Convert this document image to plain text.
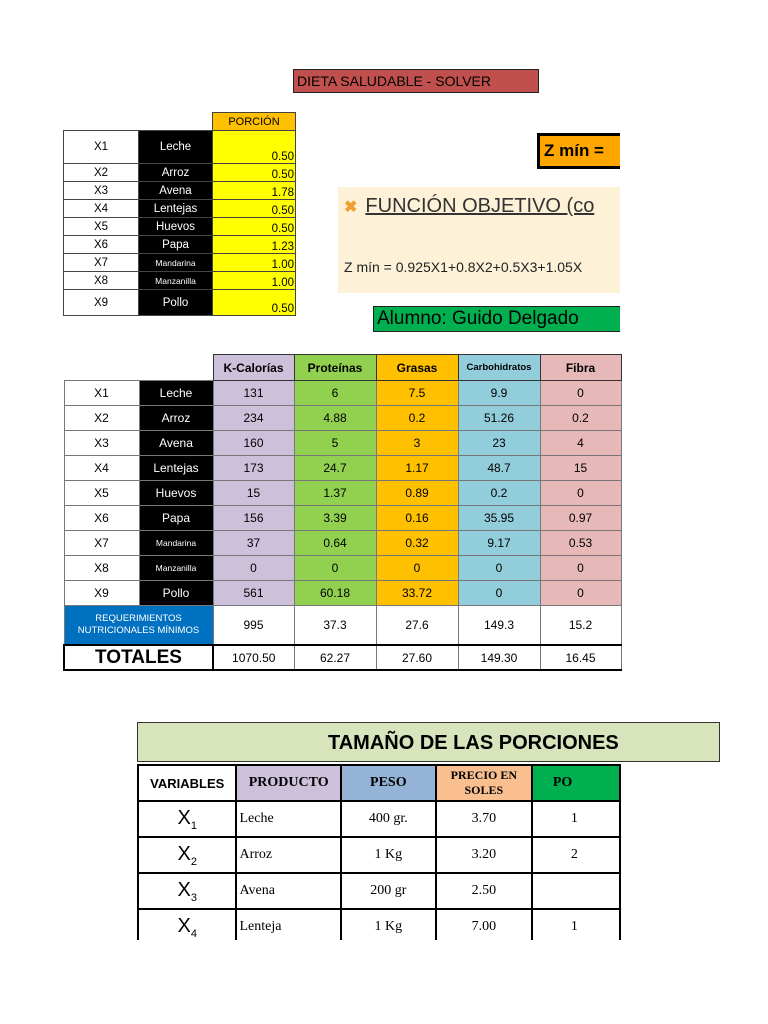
DIETA SALUDABLE - SOLVER
		PORCIÓN
X1	Leche	0.50
X2	Arroz	0.50
X3	Avena	1.78
X4	Lentejas	0.50
X5	Huevos	0.50
X6	Papa	1.23
X7	Mandarina	1.00
X8	Manzanilla	1.00
X9	Pollo	0.50
Z mín =
✖ FUNCIÓN OBJETIVO (co
Z mín = 0.925X1+0.8X2+0.5X3+1.05X
Alumno: Guido Delgado
		K-Calorías	Proteínas	Grasas	Carbohidratos	Fibra
X1	Leche	131	6	7.5	9.9	0
X2	Arroz	234	4.88	0.2	51.26	0.2
X3	Avena	160	5	3	23	4
X4	Lentejas	173	24.7	1.17	48.7	15
X5	Huevos	15	1.37	0.89	0.2	0
X6	Papa	156	3.39	0.16	35.95	0.97
X7	Mandarina	37	0.64	0.32	9.17	0.53
X8	Manzanilla	0	0	0	0	0
X9	Pollo	561	60.18	33.72	0	0
REQUERIMIENTOS
NUTRICIONALES MÍNIMOS		995	37.3	27.6	149.3	15.2
TOTALES		1070.50	62.27	27.60	149.30	16.45
TAMAÑO DE LAS PORCIONES
VARIABLES	PRODUCTO	PESO	PRECIO EN SOLES	PO
$X_1$	Leche	400 gr.	3.70	1
$X_2$	Arroz	1 Kg	3.20	2
$X_3$	Avena	200 gr	2.50	
$X_4$	Lenteja	1 Kg	7.00	1
